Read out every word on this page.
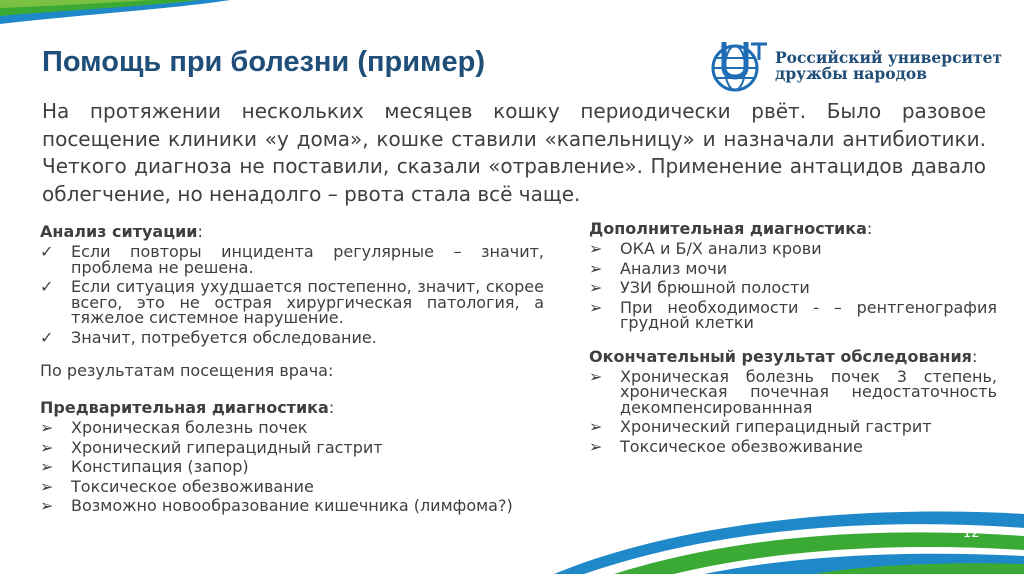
Помощь при болезни (пример)	Российский университет
дружбы народов
На протяжении нескольких месяцев кошку периодически рвёт. Было разовое посещение клиники «у дома», кошке ставили «капельницу» и назначали антибиотики. Четкого диагноза не поставили, сказали «отравление». Применение антацидов давало облегчение, но ненадолго – рвота стала всё чаще.
Анализ ситуации:
✓	Если повторы инцидента регулярные – значит, проблема не решена.
✓	Если ситуация ухудшается постепенно, значит, скорее всего, это не острая хирургическая патология, а тяжелое системное нарушение.
✓	Значит, потребуется обследование.
По результатам посещения врача:
Предварительная диагностика:
➢	Хроническая болезнь почек
➢	Хронический гиперацидный гастрит
➢	Констипация (запор)
➢	Токсическое обезвоживание
➢	Возможно новообразование кишечника (лимфома?)
Дополнительная диагностика:
➢	ОКА и Б/Х анализ крови
➢	Анализ мочи
➢	УЗИ брюшной полости
➢	При необходимости - – рентгенография грудной клетки
Окончательный результат обследования:
➢	Хроническая болезнь почек 3 степень, хроническая почечная недостаточность декомпенсированнная
➢	Хронический гиперацидный гастрит
➢	Токсическое обезвоживание
12
